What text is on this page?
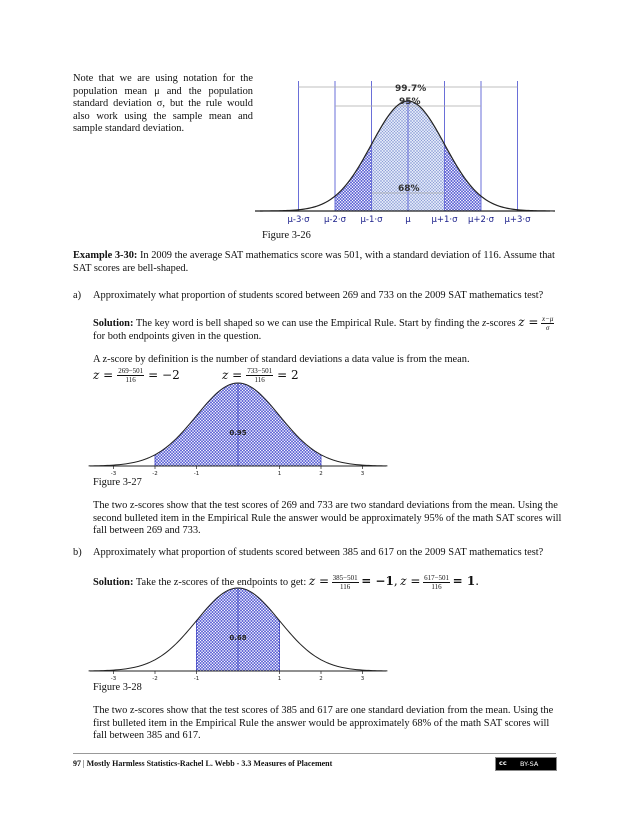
Note that we are using notation for the population mean μ and the population standard deviation σ, but the rule would also work using the sample mean and sample standard deviation.
99.7%
95%
68%
μ-3·σ μ-2·σ μ-1·σ	μ μ+1·σ μ+2·σ μ+3·σ
Figure 3-26
Example 3-30: In 2009 the average SAT mathematics score was 501, with a standard deviation of 116. Assume that SAT scores are bell-shaped.
a) Approximately what proportion of students scored between 269 and 733 on the 2009 SAT mathematics test?
Solution: The key word is bell shaped so we can use the Empirical Rule. Start by finding the z-scores $z = \frac{x-\mu}{\sigma}$
for both endpoints given in the question.
A z-score by definition is the number of standard deviations a data value is from the mean.
$z = \frac{269-501}{116} = -2$	$z = \frac{733-501}{116} = 2$
0.95
-3	-2	-1	1	2	3
Figure 3-27
The two z-scores show that the test scores of 269 and 733 are two standard deviations from the mean. Using the second bulleted item in the Empirical Rule the answer would be approximately 95% of the math SAT scores will fall between 269 and 733.
b) Approximately what proportion of students scored between 385 and 617 on the 2009 SAT mathematics test?
Solution: Take the z-scores of the endpoints to get: $z = \frac{385-501}{116} = -1$, $z = \frac{617-501}{116} = 1$.
0.68
-3	-2	-1	1	2	3
Figure 3-28
The two z-scores show that the test scores of 385 and 617 are one standard deviation from the mean. Using the first bulleted item in the Empirical Rule the answer would be approximately 68% of the math SAT scores will fall between 385 and 617.
97 | Mostly Harmless Statistics-Rachel L. Webb - 3.3 Measures of Placement	cc BY-SA
